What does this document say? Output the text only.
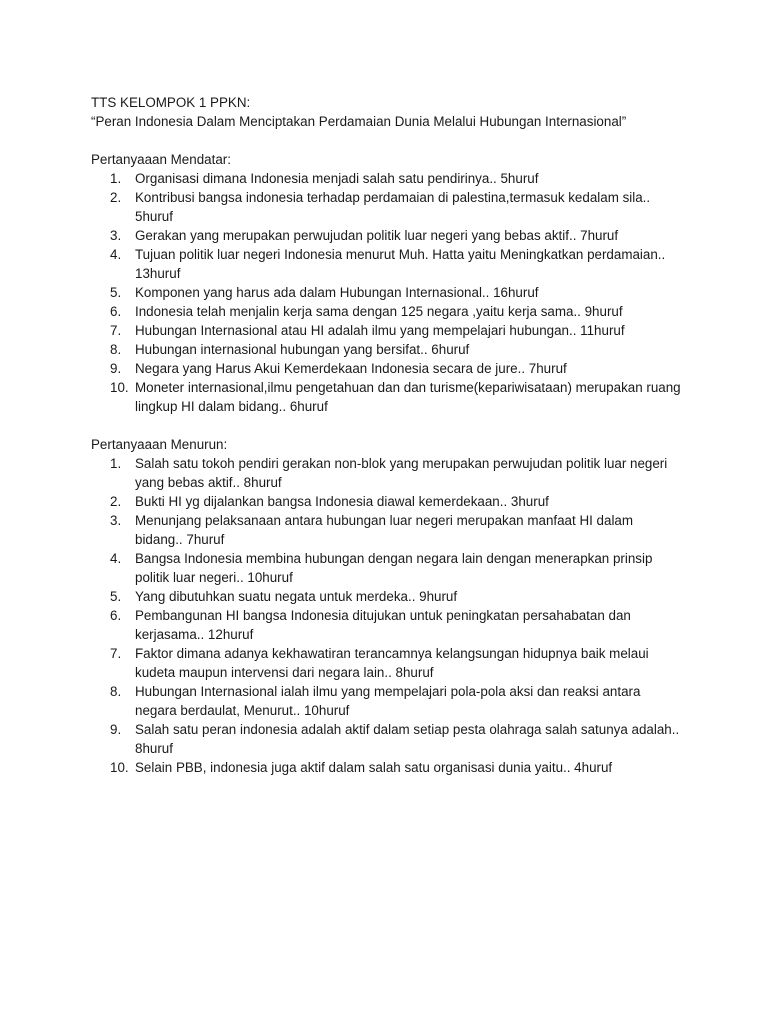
TTS KELOMPOK 1 PPKN:
“Peran Indonesia Dalam Menciptakan Perdamaian Dunia Melalui Hubungan Internasional”
Pertanyaaan Mendatar:
1.	Organisasi dimana Indonesia menjadi salah satu pendirinya.. 5huruf
2.	Kontribusi bangsa indonesia terhadap perdamaian di palestina,termasuk kedalam sila.. 5huruf
3.	Gerakan yang merupakan perwujudan politik luar negeri yang bebas aktif.. 7huruf
4.	Tujuan politik luar negeri Indonesia menurut Muh. Hatta yaitu Meningkatkan perdamaian.. 13huruf
5.	Komponen yang harus ada dalam Hubungan Internasional.. 16huruf
6.	Indonesia telah menjalin kerja sama dengan 125 negara ,yaitu kerja sama.. 9huruf
7.	Hubungan Internasional atau HI adalah ilmu yang mempelajari hubungan.. 11huruf
8.	Hubungan internasional hubungan yang bersifat.. 6huruf
9.	Negara yang Harus Akui Kemerdekaan Indonesia secara de jure.. 7huruf
10. Moneter internasional,ilmu pengetahuan dan dan turisme(kepariwisataan) merupakan ruang lingkup HI dalam bidang.. 6huruf
Pertanyaaan Menurun:
1.	Salah satu tokoh pendiri gerakan non-blok yang merupakan perwujudan politik luar negeri yang bebas aktif.. 8huruf
2.	Bukti HI yg dijalankan bangsa Indonesia diawal kemerdekaan.. 3huruf
3.	Menunjang pelaksanaan antara hubungan luar negeri merupakan manfaat HI dalam bidang.. 7huruf
4.	Bangsa Indonesia membina hubungan dengan negara lain dengan menerapkan prinsip politik luar negeri.. 10huruf
5.	Yang dibutuhkan suatu negata untuk merdeka.. 9huruf
6.	Pembangunan HI bangsa Indonesia ditujukan untuk peningkatan persahabatan dan kerjasama.. 12huruf
7.	Faktor dimana adanya kekhawatiran terancamnya kelangsungan hidupnya baik melaui kudeta maupun intervensi dari negara lain.. 8huruf
8.	Hubungan Internasional ialah ilmu yang mempelajari pola-pola aksi dan reaksi antara negara berdaulat, Menurut.. 10huruf
9.	Salah satu peran indonesia adalah aktif dalam setiap pesta olahraga salah satunya adalah.. 8huruf
10. Selain PBB, indonesia juga aktif dalam salah satu organisasi dunia yaitu.. 4huruf
